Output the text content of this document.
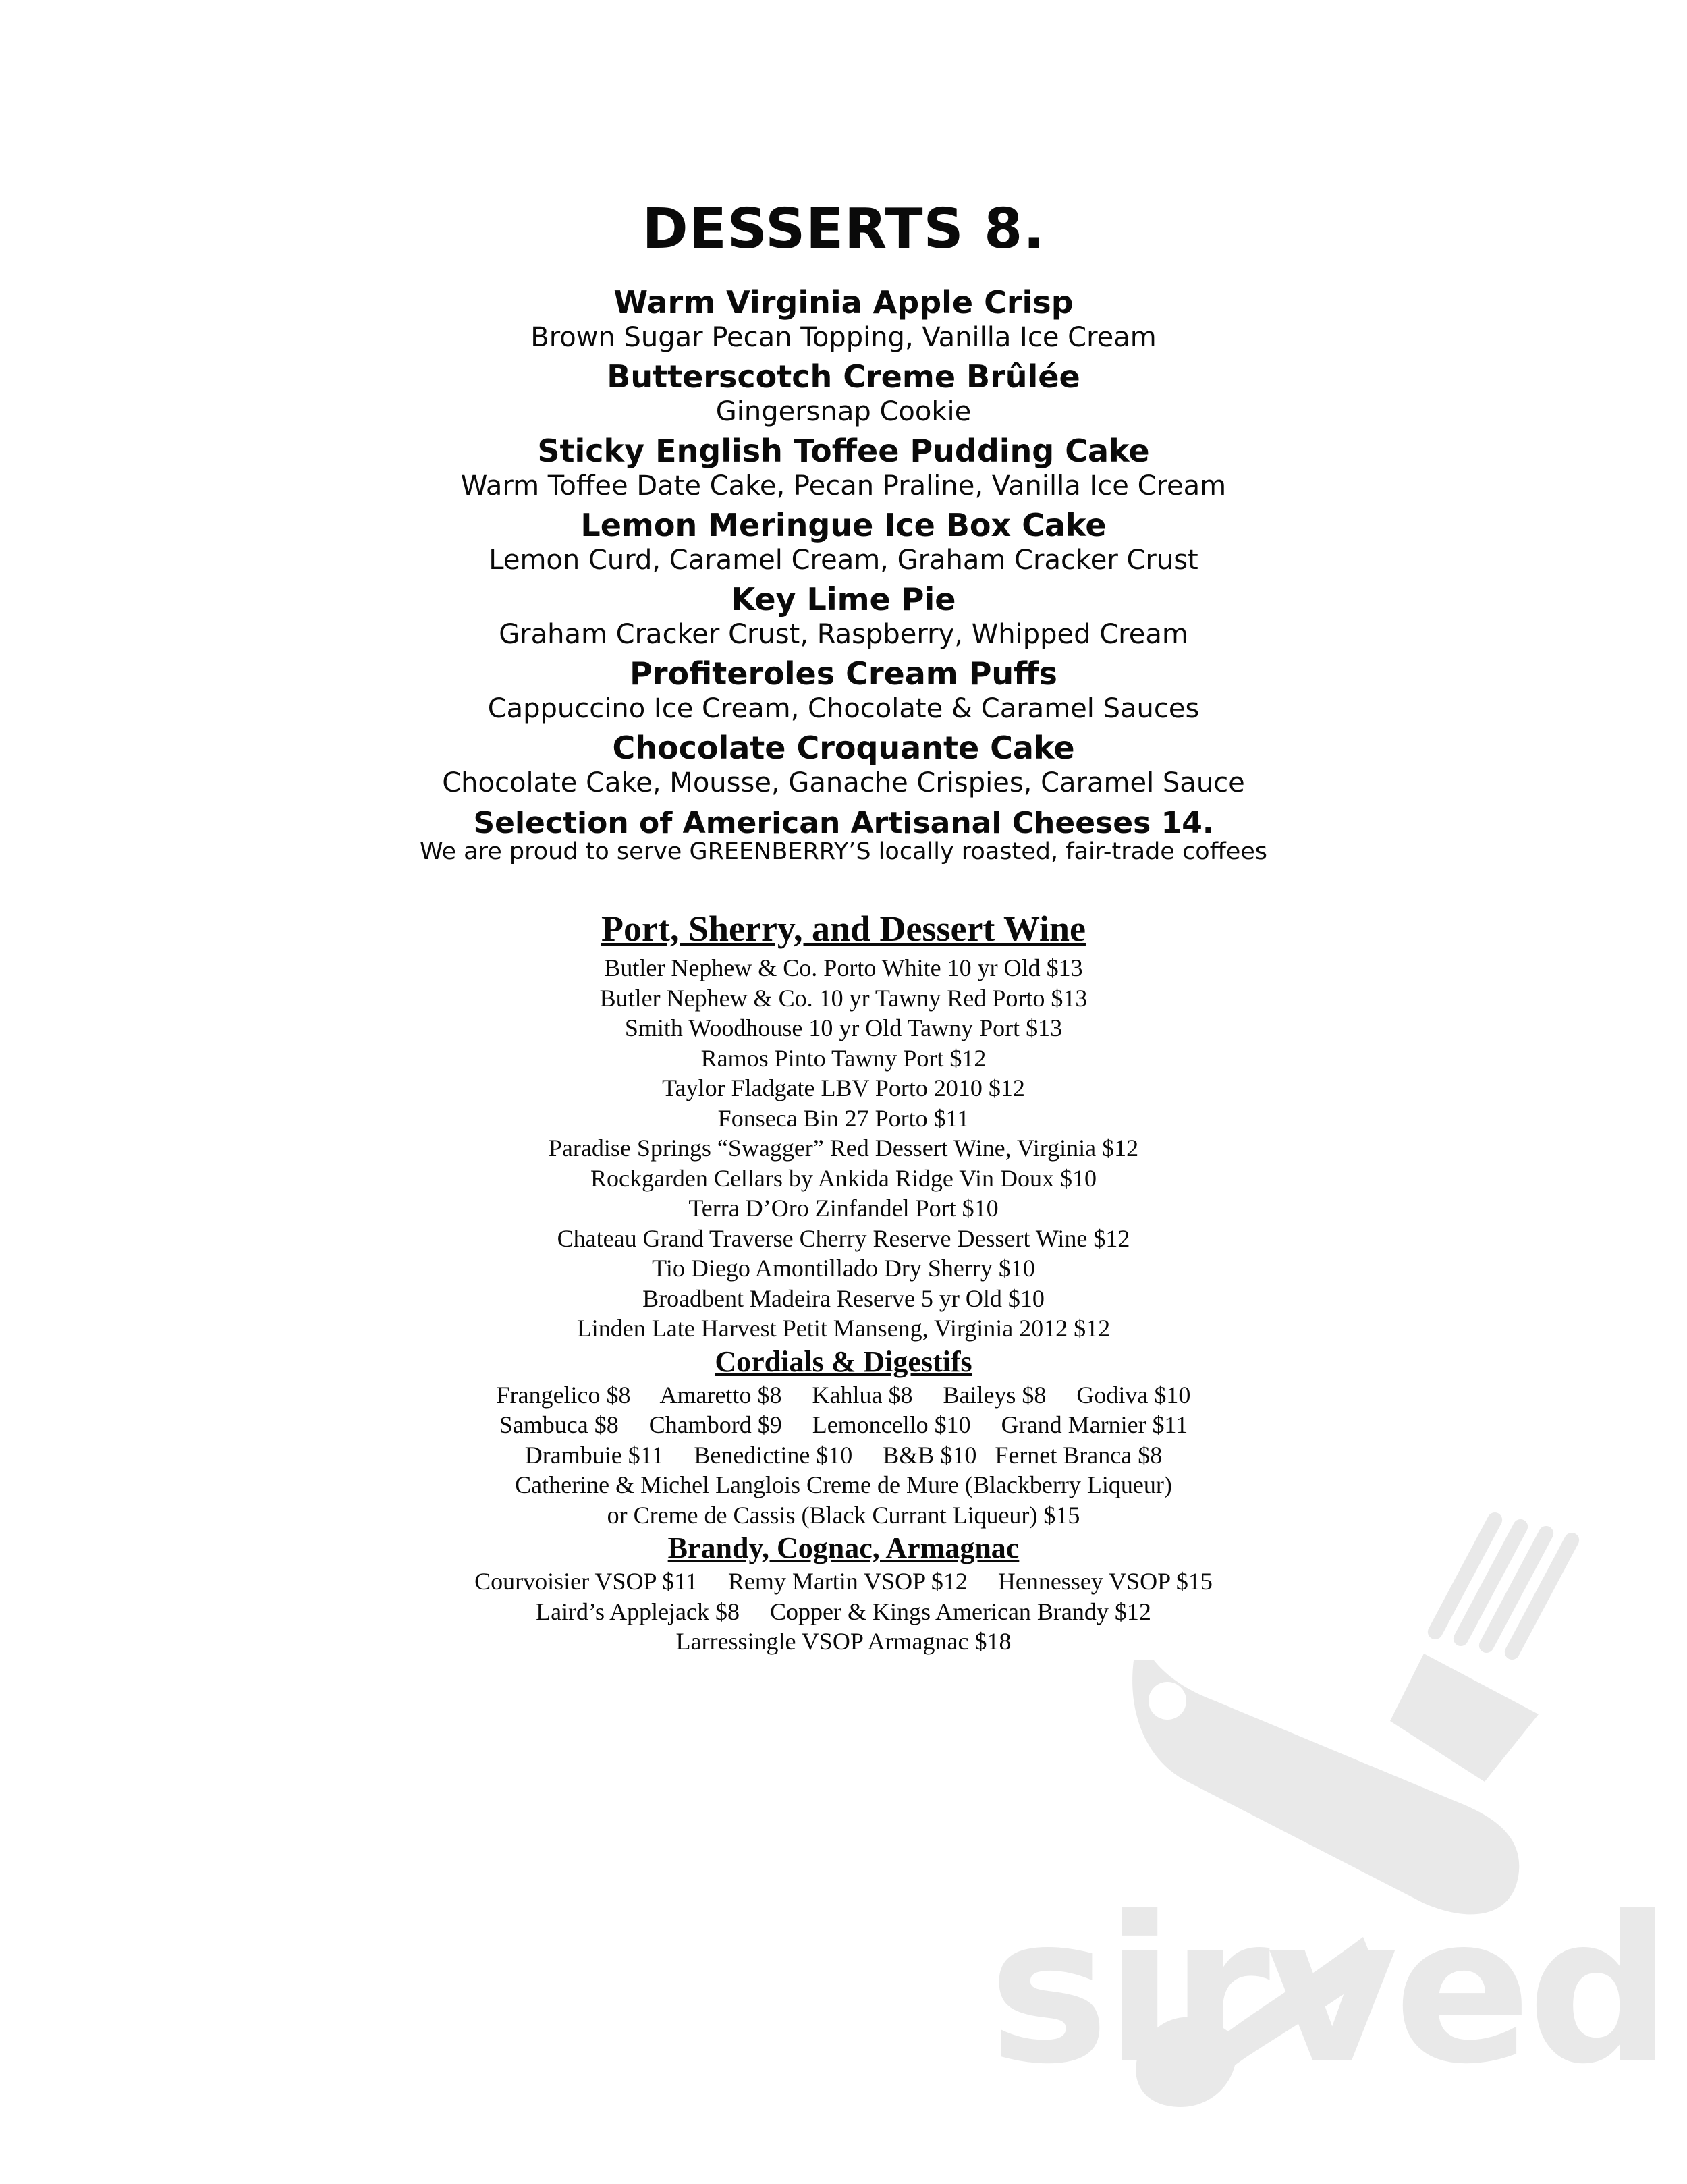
DESSERTS 8.
Warm Virginia Apple Crisp
Brown Sugar Pecan Topping, Vanilla Ice Cream
Butterscotch Creme Brûlée
Gingersnap Cookie
Sticky English Toffee Pudding Cake
Warm Toffee Date Cake, Pecan Praline, Vanilla Ice Cream
Lemon Meringue Ice Box Cake
Lemon Curd, Caramel Cream, Graham Cracker Crust
Key Lime Pie
Graham Cracker Crust, Raspberry, Whipped Cream
Profiteroles Cream Puffs
Cappuccino Ice Cream, Chocolate & Caramel Sauces
Chocolate Croquante Cake
Chocolate Cake, Mousse, Ganache Crispies, Caramel Sauce
Selection of American Artisanal Cheeses 14.
We are proud to serve GREENBERRY’S locally roasted, fair-trade coffees
Port, Sherry, and Dessert Wine
Butler Nephew & Co. Porto White 10 yr Old $13
Butler Nephew & Co. 10 yr Tawny Red Porto $13
Smith Woodhouse 10 yr Old Tawny Port $13
Ramos Pinto Tawny Port $12
Taylor Fladgate LBV Porto 2010 $12
Fonseca Bin 27 Porto $11
Paradise Springs “Swagger” Red Dessert Wine, Virginia $12
Rockgarden Cellars by Ankida Ridge Vin Doux $10
Terra D’Oro Zinfandel Port $10
Chateau Grand Traverse Cherry Reserve Dessert Wine $12
Tio Diego Amontillado Dry Sherry $10
Broadbent Madeira Reserve 5 yr Old $10
Linden Late Harvest Petit Manseng, Virginia 2012 $12
Cordials & Digestifs
Frangelico $8     Amaretto $8     Kahlua $8     Baileys $8     Godiva $10
Sambuca $8     Chambord $9     Lemoncello $10     Grand Marnier $11
Drambuie $11     Benedictine $10     B&B $10   Fernet Branca $8
Catherine & Michel Langlois Creme de Mure (Blackberry Liqueur)
or Creme de Cassis (Black Currant Liqueur) $15
Brandy, Cognac, Armagnac
Courvoisier VSOP $11     Remy Martin VSOP $12     Hennessey VSOP $15
Laird’s Applejack $8     Copper & Kings American Brandy $12
Larressingle VSOP Armagnac $18
sirved
